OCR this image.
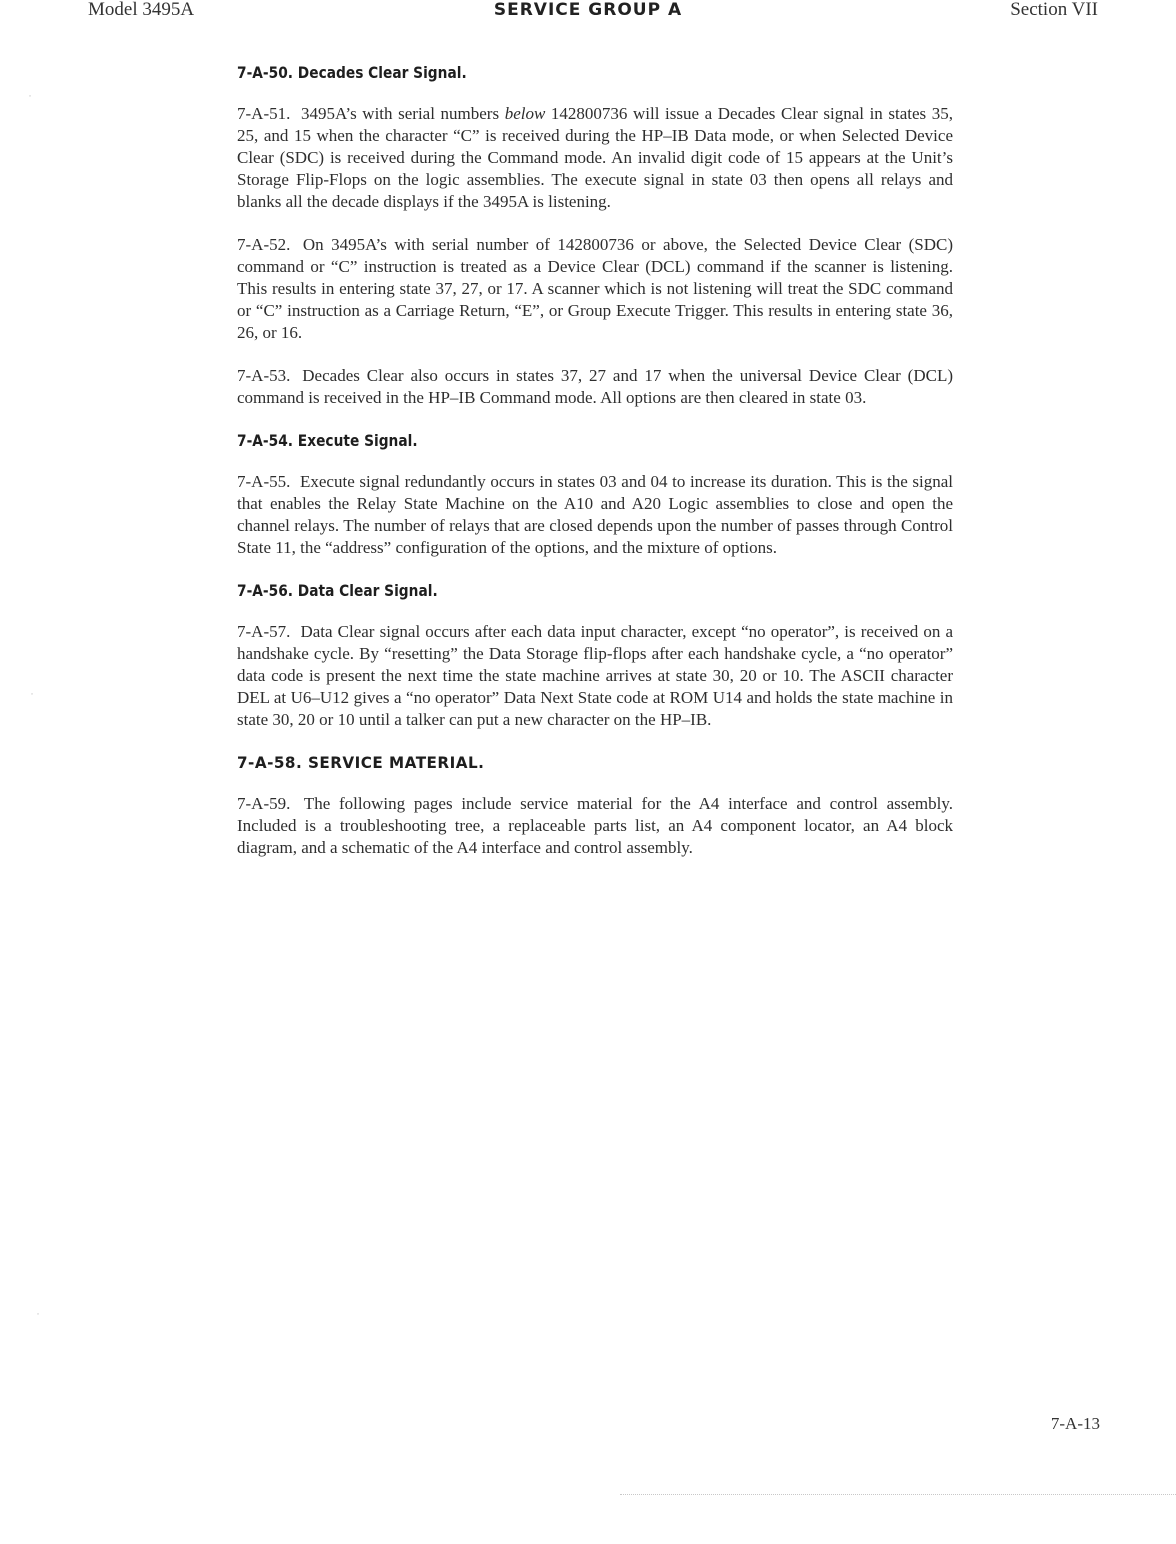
Model 3495A	SERVICE GROUP A	Section VII
˙
˙
˙
7-A-50. Decades Clear Signal.

7-A-51. 3495A’s with serial numbers below 142800736 will issue a Decades Clear signal in states 35, 25, and 15 when the character “C” is received during the HP–IB Data mode, or when Selected Device Clear (SDC) is received during the Command mode. An invalid digit code of 15 appears at the Unit’s Storage Flip-Flops on the logic assemblies. The execute signal in state 03 then opens all relays and blanks all the decade displays if the 3495A is listening.

7-A-52. On 3495A’s with serial number of 142800736 or above, the Selected Device Clear (SDC) command or “C” instruction is treated as a Device Clear (DCL) command if the scanner is listening. This results in entering state 37, 27, or 17. A scanner which is not listening will treat the SDC command or “C” instruction as a Carriage Return, “E”, or Group Execute Trigger. This results in entering state 36, 26, or 16.

7-A-53. Decades Clear also occurs in states 37, 27 and 17 when the universal Device Clear (DCL) command is received in the HP–IB Command mode. All options are then cleared in state 03.

7-A-54. Execute Signal.

7-A-55. Execute signal redundantly occurs in states 03 and 04 to increase its duration. This is the signal that enables the Relay State Machine on the A10 and A20 Logic assemblies to close and open the channel relays. The number of relays that are closed depends upon the number of passes through Control State 11, the “address” configuration of the options, and the mixture of options.

7-A-56. Data Clear Signal.

7-A-57. Data Clear signal occurs after each data input character, except “no operator”, is received on a handshake cycle. By “resetting” the Data Storage flip-flops after each handshake cycle, a “no operator” data code is present the next time the state machine arrives at state 30, 20 or 10. The ASCII character DEL at U6–U12 gives a “no operator” Data Next State code at ROM U14 and holds the state machine in state 30, 20 or 10 until a talker can put a new character on the HP–IB.

7-A-58. SERVICE MATERIAL.

7-A-59. The following pages include service material for the A4 interface and control assembly. Included is a troubleshooting tree, a replaceable parts list, an A4 component locator, an A4 block diagram, and a schematic of the A4 interface and control assembly.

7-A-13
